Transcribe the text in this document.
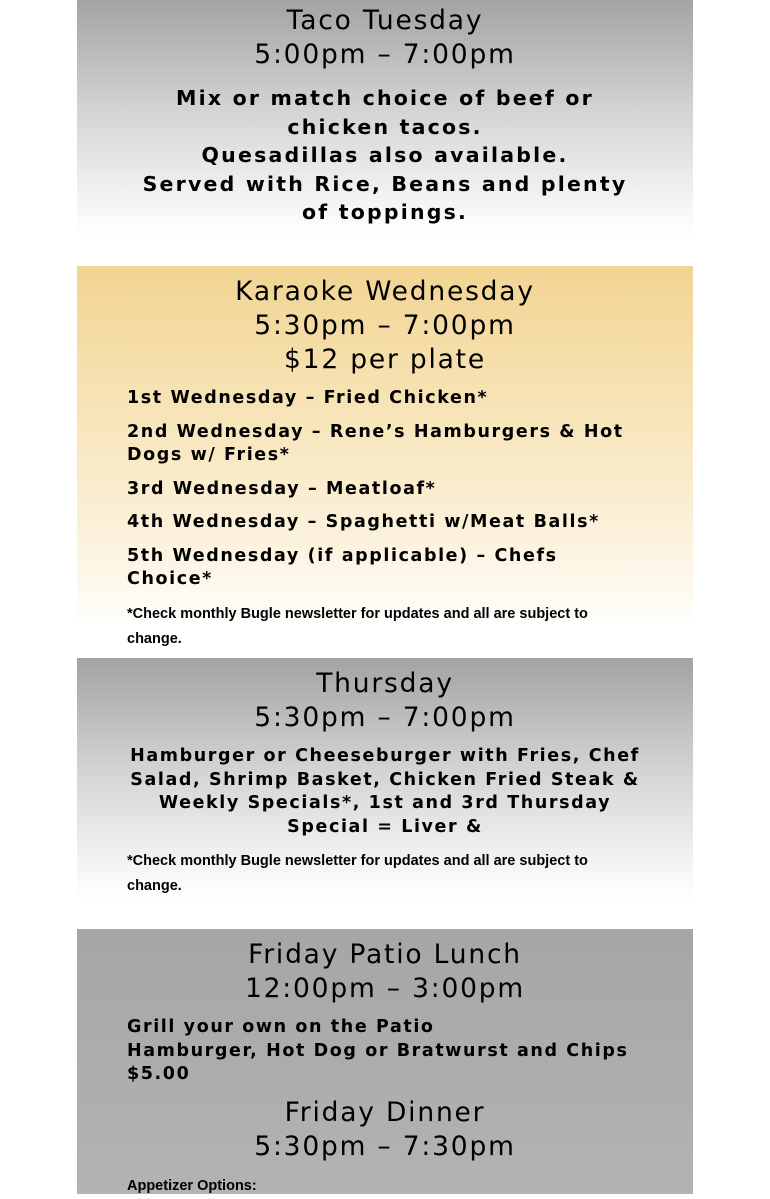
Taco Tuesday

5:00pm – 7:00pm

Mix or match choice of beef or chicken tacos.

Quesadillas also available.

Served with Rice, Beans and plenty of toppings.

Karaoke Wednesday

5:30pm – 7:00pm

$12 per plate

1st Wednesday – Fried Chicken*

2nd Wednesday – Rene’s Hamburgers & Hot Dogs w/ Fries*

3rd Wednesday – Meatloaf*

4th Wednesday – Spaghetti w/Meat Balls*

5th Wednesday (if applicable) – Chefs Choice*

*Check monthly Bugle newsletter for updates and all are subject to change.

Thursday

5:30pm – 7:00pm

Hamburger or Cheeseburger with Fries, Chef Salad, Shrimp Basket, Chicken Fried Steak & Weekly Specials*, 1st and 3rd Thursday Special = Liver &

*Check monthly Bugle newsletter for updates and all are subject to change.

Friday Patio Lunch

12:00pm – 3:00pm

Grill your own on the Patio

Hamburger, Hot Dog or Bratwurst and Chips

$5.00

Friday Dinner

5:30pm – 7:30pm

Appetizer Options:
